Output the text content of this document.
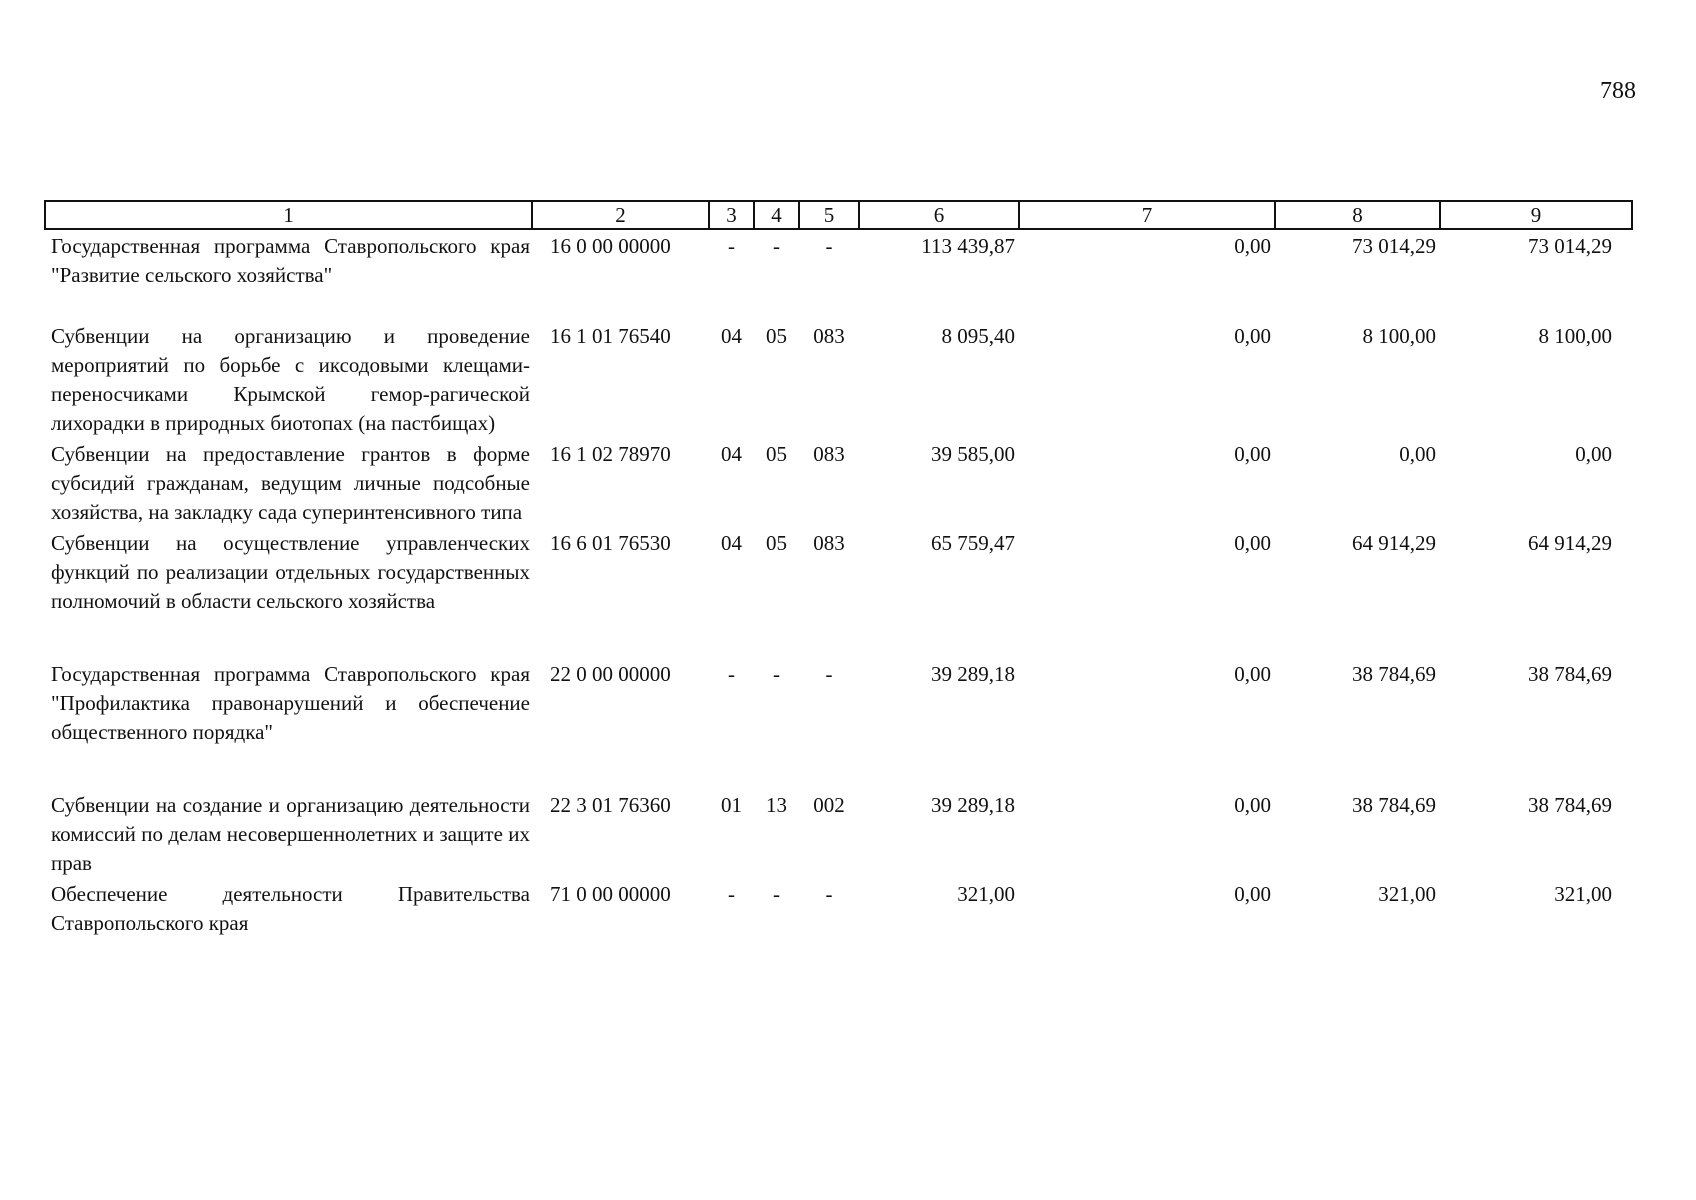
788
1	2	3	4	5	6	7	8	9
Государственная программа Ставропольского края "Развитие сельского хозяйства"	16 0 00 00000	-	-	-	113 439,87	0,00	73 014,29	73 014,29

Субвенции на организацию и проведение мероприятий по борьбе с иксодовыми клещами-переносчиками Крымской гемор-рагической лихорадки в природных биотопах (на пастбищах)	16 1 01 76540	04	05	083	8 095,40	0,00	8 100,00	8 100,00
Субвенции на предоставление грантов в форме субсидий гражданам, ведущим личные подсобные хозяйства, на закладку сада суперинтенсивного типа	16 1 02 78970	04	05	083	39 585,00	0,00	0,00	0,00
Субвенции на осуществление управленческих функций по реализации отдельных государственных полномочий в области сельского хозяйства	16 6 01 76530	04	05	083	65 759,47	0,00	64 914,29	64 914,29

Государственная программа Ставропольского края "Профилактика правонарушений и обеспечение общественного порядка"	22 0 00 00000	-	-	-	39 289,18	0,00	38 784,69	38 784,69

Субвенции на создание и организацию деятельности комиссий по делам несовершеннолетних и защите их прав	22 3 01 76360	01	13	002	39 289,18	0,00	38 784,69	38 784,69
Обеспечение деятельности Правительства Ставропольского края	71 0 00 00000	-	-	-	321,00	0,00	321,00	321,00
